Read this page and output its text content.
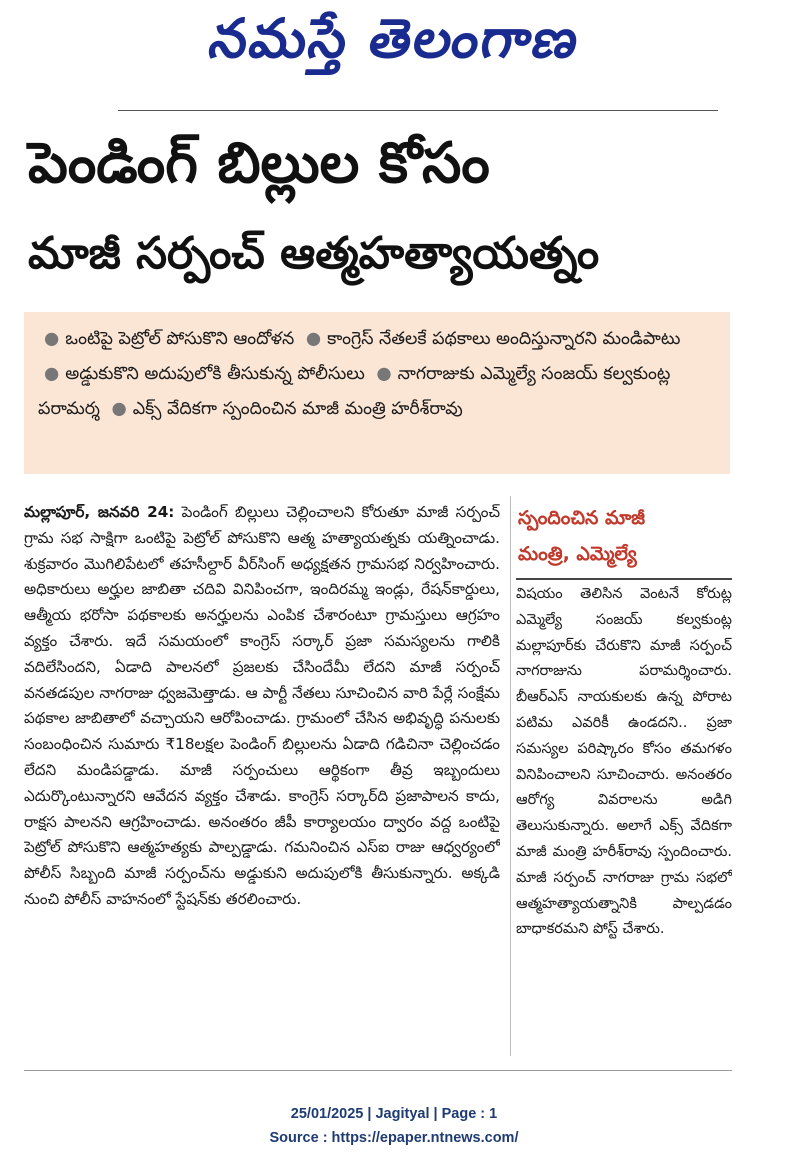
నమస్తే తెలంగాణ
పెండింగ్ బిల్లుల కోసం
మాజీ సర్పంచ్ ఆత్మహత్యాయత్నం
● ఒంటిపై పెట్రోల్ పోసుకొని ఆందోళన ● కాంగ్రెస్ నేతలకే పథకాలు అందిస్తున్నారని మండిపాటు ● అడ్డుకుకొని అదుపులోకి తీసుకున్న పోలీసులు ● నాగరాజుకు ఎమ్మెల్యే సంజయ్ కల్వకుంట్ల పరామర్శ ● ఎక్స్ వేదికగా స్పందించిన మాజీ మంత్రి హరీశ్‌రావు
మల్లాపూర్, జనవరి 24: పెండింగ్ బిల్లులు చెల్లించాలని కోరుతూ మాజీ సర్పంచ్ గ్రామ సభ సాక్షిగా ఒంటిపై పెట్రోల్ పోసుకొని ఆత్మ హత్యాయత్నకు యత్నించాడు. శుక్రవారం మొగిలిపేటలో తహసీల్దార్ వీర్‌సింగ్ అధ్యక్షతన గ్రామసభ నిర్వహించారు. అధికారులు అర్హుల జాబితా చదివి వినిపించగా, ఇందిరమ్మ ఇండ్లు, రేషన్‌కార్డులు, ఆత్మీయ భరోసా పథకాలకు అనర్హులను ఎంపిక చేశారంటూ గ్రామస్తులు ఆగ్రహం వ్యక్తం చేశారు. ఇదే సమయంలో కాంగ్రెస్ సర్కార్ ప్రజా సమస్యలను గాలికి వదిలేసిందని, ఏడాది పాలనలో ప్రజలకు చేసిందేమీ లేదని మాజీ సర్పంచ్ వనతడపుల నాగరాజు ధ్వజమెత్తాడు. ఆ పార్టీ నేతలు సూచించిన వారి పేర్లే సంక్షేమ పథకాల జాబితాలో వచ్చాయని ఆరోపించాడు. గ్రామంలో చేసిన అభివృద్ధి పనులకు సంబంధించిన సుమారు ₹18లక్షల పెండింగ్ బిల్లులను ఏడాది గడిచినా చెల్లించడం లేదని మండిపడ్డాడు. మాజీ సర్పంచులు ఆర్థికంగా తీవ్ర ఇబ్బందులు ఎదుర్కొంటున్నారని ఆవేదన వ్యక్తం చేశాడు. కాంగ్రెస్ సర్కార్‌ది ప్రజాపాలన కాదు, రాక్షస పాలనని ఆగ్రహించాడు. అనంతరం జీపీ కార్యాలయం ద్వారం వద్ద ఒంటిపై పెట్రోల్ పోసుకొని ఆత్మహత్యకు పాల్పడ్డాడు. గమనించిన ఎస్‌ఐ రాజు ఆధ్వర్యంలో పోలీస్ సిబ్బంది మాజీ సర్పంచ్‌ను అడ్డుకుని అదుపులోకి తీసుకున్నారు. అక్కడి నుంచి పోలీస్ వాహనంలో స్టేషన్‌కు తరలించారు.
స్పందించిన మాజీ
మంత్రి, ఎమ్మెల్యే
విషయం తెలిసిన వెంటనే కోరుట్ల ఎమ్మెల్యే సంజయ్ కల్వకుంట్ల మల్లాపూర్‌కు చేరుకొని మాజీ సర్పంచ్ నాగరాజును పరామర్శించారు. బీఆర్‌ఎస్ నాయకులకు ఉన్న పోరాట పటిమ ఎవరికీ ఉండదని.. ప్రజా సమస్యల పరిష్కారం కోసం తమగళం వినిపించాలని సూచించారు. అనంతరం ఆరోగ్య వివరాలను అడిగి తెలుసుకున్నారు. అలాగే ఎక్స్ వేదికగా మాజీ మంత్రి హరీశ్‌రావు స్పందించారు. మాజీ సర్పంచ్ నాగరాజు గ్రామ సభలో ఆత్మహత్యాయత్నానికి పాల్పడడం బాధాకరమని పోస్ట్ చేశారు.
25/01/2025 | Jagityal | Page : 1
Source : https://epaper.ntnews.com/
